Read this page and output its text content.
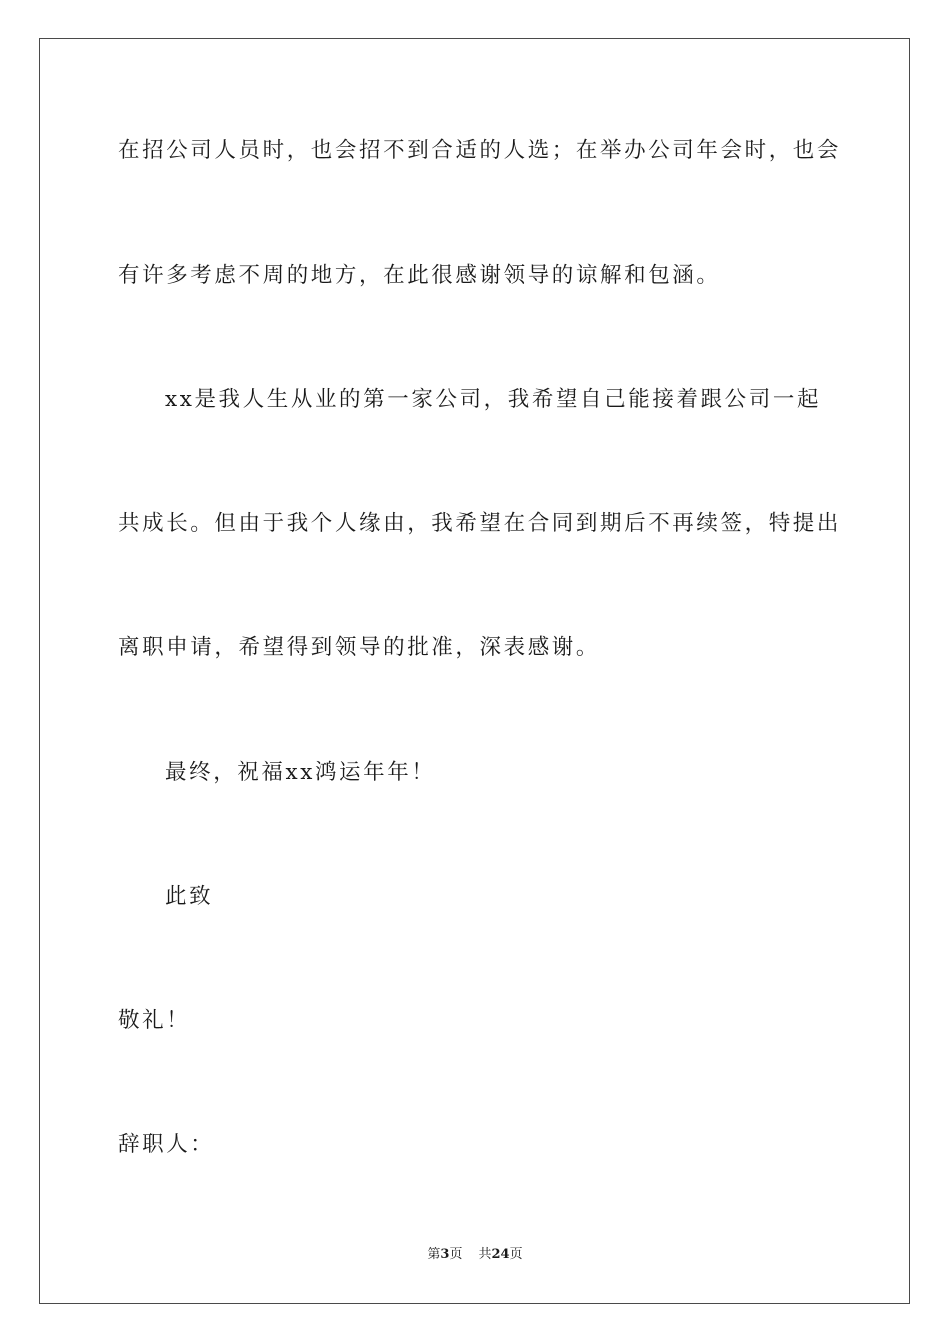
在招公司人员时，也会招不到合适的人选；在举办公司年会时，也会
有许多考虑不周的地方，在此很感谢领导的谅解和包涵。
xx是我人生从业的第一家公司，我希望自己能接着跟公司一起
共成长。但由于我个人缘由，我希望在合同到期后不再续签，特提出
离职申请，希望得到领导的批准，深表感谢。
最终，祝福xx鸿运年年！
此致
敬礼！
辞职人：
第3页 共24页
